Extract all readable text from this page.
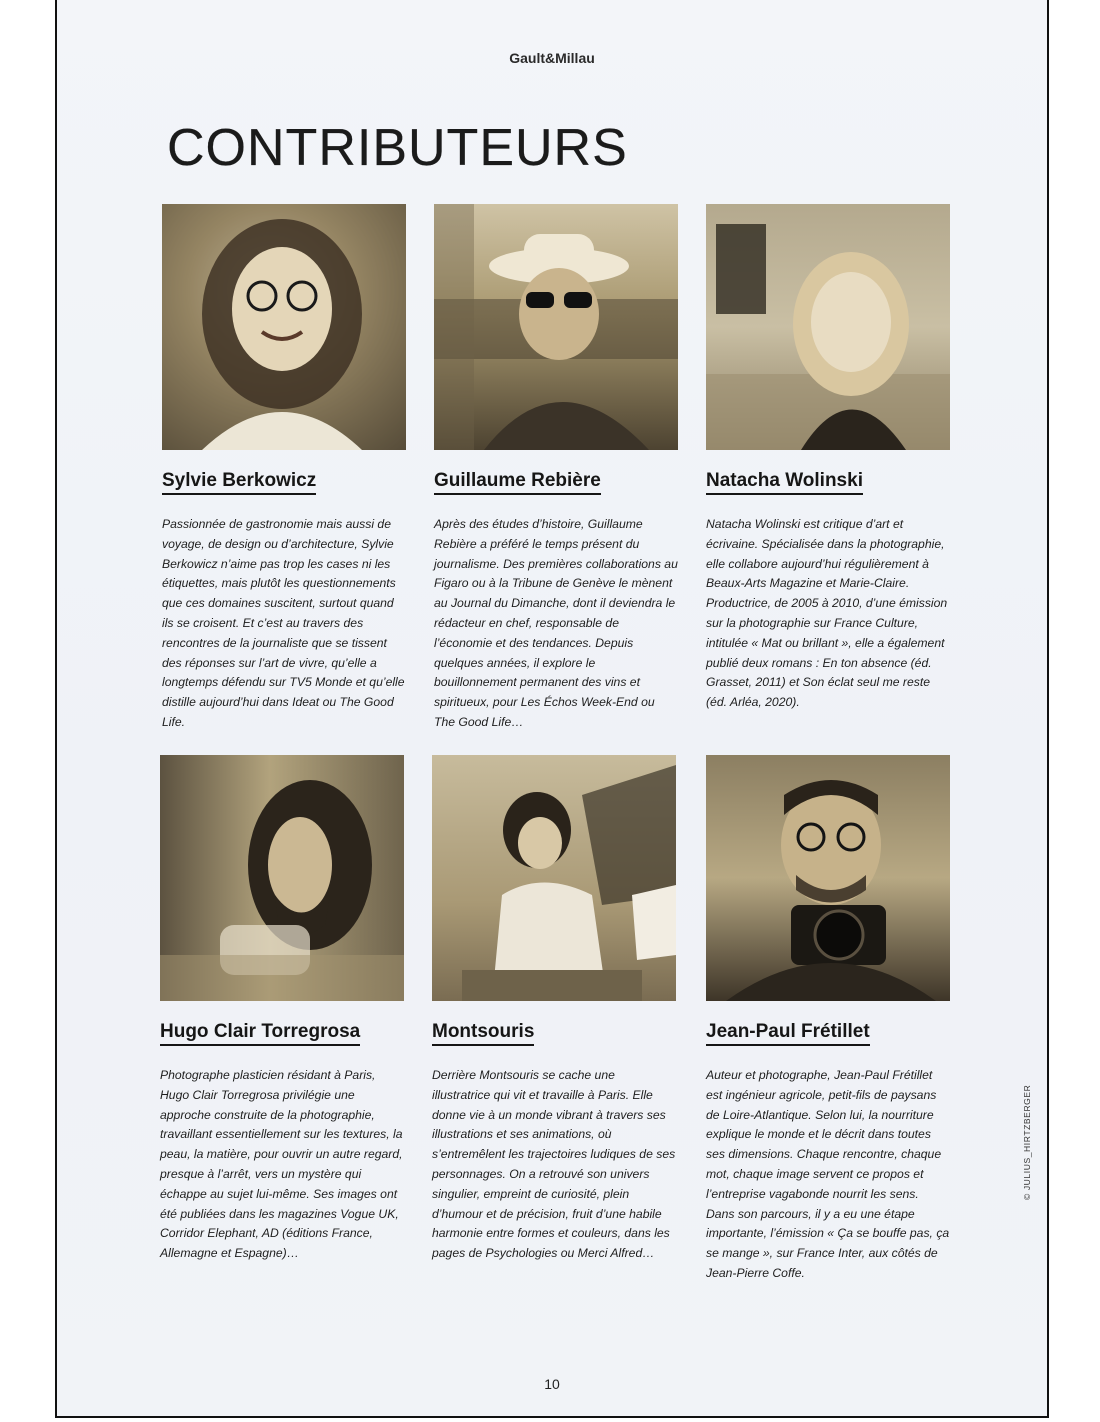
Gault&Millau
CONTRIBUTEURS
Sylvie Berkowicz
Passionnée de gastronomie mais aussi de voyage, de design ou d’architecture, Sylvie Berkowicz n’aime pas trop les cases ni les étiquettes, mais plutôt les questionnements que ces domaines suscitent, surtout quand ils se croisent. Et c’est au travers des rencontres de la journaliste que se tissent des réponses sur l’art de vivre, qu’elle a longtemps défendu sur TV5 Monde et qu’elle distille aujourd’hui dans Ideat ou The Good Life.
Guillaume Rebière
Après des études d’histoire, Guillaume Rebière a préféré le temps présent du journalisme. Des premières collaborations au Figaro ou à la Tribune de Genève le mènent au Journal du Dimanche, dont il deviendra le rédacteur en chef, responsable de l’économie et des tendances. Depuis quelques années, il explore le bouillonnement permanent des vins et spiritueux, pour Les Échos Week-End ou The Good Life…
Natacha Wolinski
Natacha Wolinski est critique d’art et écrivaine. Spécialisée dans la photographie, elle collabore aujourd’hui régulièrement à Beaux-Arts Magazine et Marie-Claire. Productrice, de 2005 à 2010, d’une émission sur la photographie sur France Culture, intitulée « Mat ou brillant », elle a également publié deux romans : En ton absence (éd. Grasset, 2011) et Son éclat seul me reste (éd. Arléa, 2020).
Hugo Clair Torregrosa
Photographe plasticien résidant à Paris, Hugo Clair Torregrosa privilégie une approche construite de la photographie, travaillant essentiellement sur les textures, la peau, la matière, pour ouvrir un autre regard, presque à l’arrêt, vers un mystère qui échappe au sujet lui-même. Ses images ont été publiées dans les magazines Vogue UK, Corridor Elephant, AD (éditions France, Allemagne et Espagne)…
Montsouris
Derrière Montsouris se cache une illustratrice qui vit et travaille à Paris. Elle donne vie à un monde vibrant à travers ses illustrations et ses animations, où s’entremêlent les trajectoires ludiques de ses personnages. On a retrouvé son univers singulier, empreint de curiosité, plein d’humour et de précision, fruit d’une habile harmonie entre formes et couleurs, dans les pages de Psychologies ou Merci Alfred…
Jean-Paul Frétillet
Auteur et photographe, Jean-Paul Frétillet est ingénieur agricole, petit-fils de paysans de Loire-Atlantique. Selon lui, la nourriture explique le monde et le décrit dans toutes ses dimensions. Chaque rencontre, chaque mot, chaque image servent ce propos et l’entreprise vagabonde nourrit les sens. Dans son parcours, il y a eu une étape importante, l’émission « Ça se bouffe pas, ça se mange », sur France Inter, aux côtés de Jean-Pierre Coffe.
© JULIUS_HIRTZBERGER
10
